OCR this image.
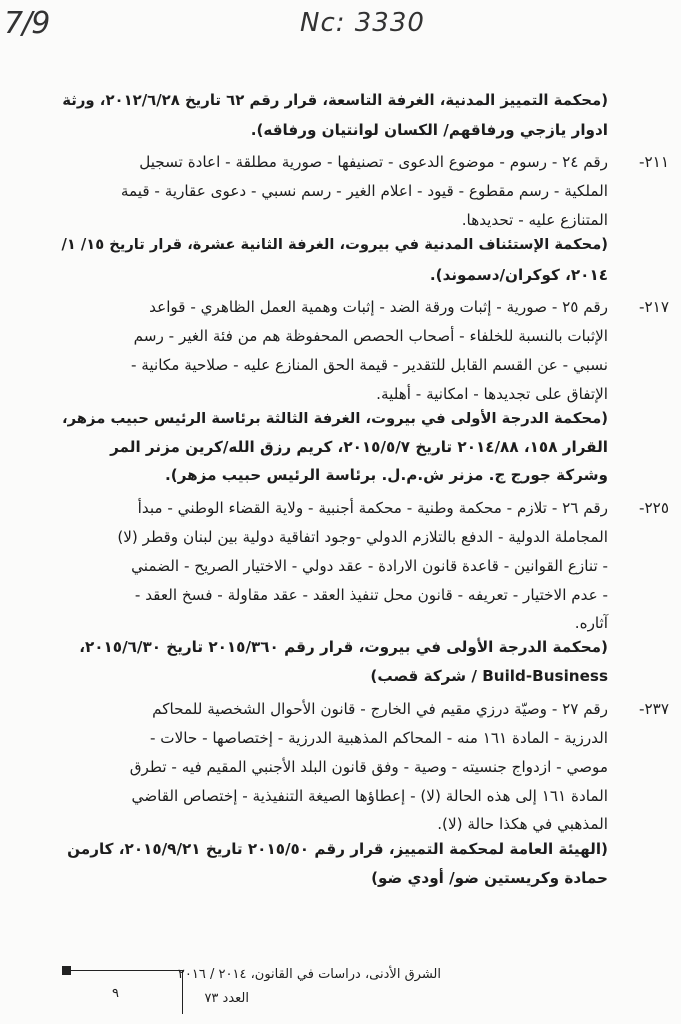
7/9	Nc: 3330
(محكمة التمييز المدنية، الغرفة التاسعة، قرار رقم ٦٢ تاريخ ٢٠١٢/٦/٢٨، ورثة
ادوار يازجي ورفاقهم/ الكسان لوانتيان ورفاقه).
-٢١١
رقم ٢٤ - رسوم - موضوع الدعوى - تصنيفها - صورية مطلقة - اعادة تسجيل
الملكية - رسم مقطوع - قيود - اعلام الغير - رسم نسبي - دعوى عقارية - قيمة
المتنازع عليه - تحديدها.
(محكمة الإستئناف المدنية في بيروت، الغرفة الثانية عشرة، قرار تاريخ ١٥/ ١/
٢٠١٤، كوكران/دسموند).
-٢١٧
رقم ٢٥ - صورية - إثبات ورقة الضد - إثبات وهمية العمل الظاهري - قواعد
الإثبات بالنسبة للخلفاء - أصحاب الحصص المحفوظة هم من فئة الغير - رسم
نسبي - عن القسم القابل للتقدير - قيمة الحق المنازع عليه - صلاحية مكانية -
الإتفاق على تجديدها - امكانية - أهلية.
(محكمة الدرجة الأولى في بيروت، الغرفة الثالثة برئاسة الرئيس حبيب مزهر،
القرار ١٥٨، ٢٠١٤/٨٨ تاريخ ٢٠١٥/٥/٧، كريم رزق الله/كرين مزنر المر
وشركة جورج ج. مزنر ش.م.ل. برئاسة الرئيس حبيب مزهر).
-٢٢٥
رقم ٢٦ - تلازم - محكمة وطنية - محكمة أجنبية - ولاية القضاء الوطني - مبدأ
المجاملة الدولية - الدفع بالتلازم الدولي -وجود اتفاقية دولية بين لبنان وقطر (لا)
- تنازع القوانين - قاعدة قانون الارادة - عقد دولي - الاختيار الصريح - الضمني
- عدم الاختيار - تعريفه - قانون محل تنفيذ العقد - عقد مقاولة - فسخ العقد -
آثاره.
(محكمة الدرجة الأولى في بيروت، قرار رقم ٢٠١٥/٣٦٠ تاريخ ٢٠١٥/٦/٣٠،
Build-Business / شركة قصب)
-٢٣٧
رقم ٢٧ - وصيّة درزي مقيم في الخارج - قانون الأحوال الشخصية للمحاكم
الدرزية - المادة ١٦١ منه - المحاكم المذهبية الدرزية - إختصاصها - حالات -
موصي - ازدواج جنسيته - وصية - وفق قانون البلد الأجنبي المقيم فيه - تطرق
المادة ١٦١ إلى هذه الحالة (لا) - إعطاؤها الصيغة التنفيذية - إختصاص القاضي
المذهبي في هكذا حالة (لا).
(الهيئة العامة لمحكمة التمييز، قرار رقم ٢٠١٥/٥٠ تاريخ ٢٠١٥/٩/٢١، كارمن
حمادة وكريستين ضو/ أودي ضو)
الشرق الأدنى، دراسات في القانون، ٢٠١٤ / ٢٠١٦
العدد ٧٣
٩
